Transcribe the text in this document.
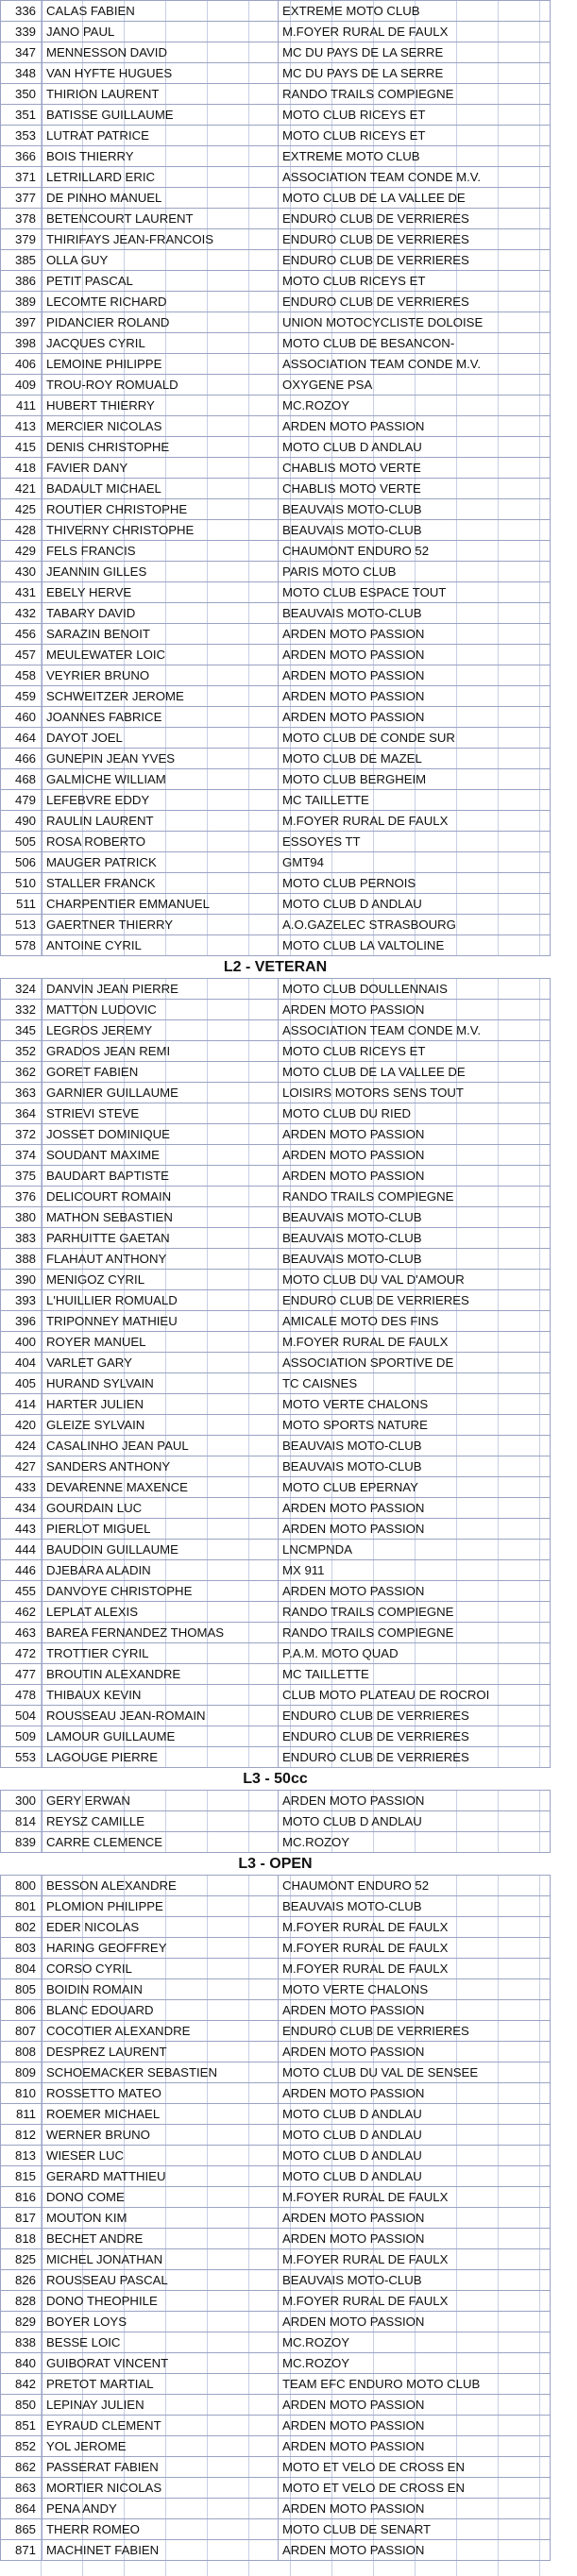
336	CALAS FABIEN	EXTREME MOTO CLUB
339	JANO PAUL	M.FOYER RURAL DE FAULX
347	MENNESSON DAVID	MC DU PAYS DE LA SERRE
348	VAN HYFTE HUGUES	MC DU PAYS DE LA SERRE
350	THIRION LAURENT	RANDO TRAILS COMPIEGNE
351	BATISSE GUILLAUME	MOTO CLUB RICEYS ET
353	LUTRAT PATRICE	MOTO CLUB RICEYS ET
366	BOIS THIERRY	EXTREME MOTO CLUB
371	LETRILLARD ERIC	ASSOCIATION TEAM CONDE M.V.
377	DE PINHO MANUEL	MOTO CLUB DE LA VALLEE DE
378	BETENCOURT LAURENT	ENDURO CLUB DE VERRIERES
379	THIRIFAYS JEAN-FRANCOIS	ENDURO CLUB DE VERRIERES
385	OLLA GUY	ENDURO CLUB DE VERRIERES
386	PETIT PASCAL	MOTO CLUB RICEYS ET
389	LECOMTE RICHARD	ENDURO CLUB DE VERRIERES
397	PIDANCIER ROLAND	UNION MOTOCYCLISTE DOLOISE
398	JACQUES CYRIL	MOTO CLUB DE BESANCON-
406	LEMOINE PHILIPPE	ASSOCIATION TEAM CONDE M.V.
409	TROU-ROY ROMUALD	OXYGENE PSA
411	HUBERT THIERRY	MC.ROZOY
413	MERCIER NICOLAS	ARDEN MOTO PASSION
415	DENIS CHRISTOPHE	MOTO CLUB D ANDLAU
418	FAVIER DANY	CHABLIS MOTO VERTE
421	BADAULT MICHAEL	CHABLIS MOTO VERTE
425	ROUTIER CHRISTOPHE	BEAUVAIS MOTO-CLUB
428	THIVERNY CHRISTOPHE	BEAUVAIS MOTO-CLUB
429	FELS FRANCIS	CHAUMONT ENDURO 52
430	JEANNIN GILLES	PARIS MOTO CLUB
431	EBELY HERVE	MOTO CLUB ESPACE TOUT
432	TABARY DAVID	BEAUVAIS MOTO-CLUB
456	SARAZIN BENOIT	ARDEN MOTO PASSION
457	MEULEWATER LOIC	ARDEN MOTO PASSION
458	VEYRIER BRUNO	ARDEN MOTO PASSION
459	SCHWEITZER JEROME	ARDEN MOTO PASSION
460	JOANNES FABRICE	ARDEN MOTO PASSION
464	DAYOT JOEL	MOTO CLUB DE CONDE SUR
466	GUNEPIN JEAN YVES	MOTO CLUB DE MAZEL
468	GALMICHE WILLIAM	MOTO CLUB BERGHEIM
479	LEFEBVRE EDDY	MC TAILLETTE
490	RAULIN LAURENT	M.FOYER RURAL DE FAULX
505	ROSA ROBERTO	ESSOYES TT
506	MAUGER PATRICK	GMT94
510	STALLER FRANCK	MOTO CLUB PERNOIS
511	CHARPENTIER EMMANUEL	MOTO CLUB D ANDLAU
513	GAERTNER THIERRY	A.O.GAZELEC STRASBOURG
578	ANTOINE CYRIL	MOTO CLUB LA VALTOLINE
L2 - VETERAN		
324	DANVIN JEAN PIERRE	MOTO CLUB DOULLENNAIS
332	MATTON LUDOVIC	ARDEN MOTO PASSION
345	LEGROS JEREMY	ASSOCIATION TEAM CONDE M.V.
352	GRADOS JEAN REMI	MOTO CLUB RICEYS ET
362	GORET FABIEN	MOTO CLUB DE LA VALLEE DE
363	GARNIER GUILLAUME	LOISIRS MOTORS SENS TOUT
364	STRIEVI STEVE	MOTO CLUB DU RIED
372	JOSSET DOMINIQUE	ARDEN MOTO PASSION
374	SOUDANT MAXIME	ARDEN MOTO PASSION
375	BAUDART BAPTISTE	ARDEN MOTO PASSION
376	DELICOURT ROMAIN	RANDO TRAILS COMPIEGNE
380	MATHON SEBASTIEN	BEAUVAIS MOTO-CLUB
383	PARHUITTE GAETAN	BEAUVAIS MOTO-CLUB
388	FLAHAUT ANTHONY	BEAUVAIS MOTO-CLUB
390	MENIGOZ CYRIL	MOTO CLUB DU VAL D'AMOUR
393	L'HUILLIER ROMUALD	ENDURO CLUB DE VERRIERES
396	TRIPONNEY MATHIEU	AMICALE MOTO DES FINS
400	ROYER MANUEL	M.FOYER RURAL DE FAULX
404	VARLET GARY	ASSOCIATION SPORTIVE DE
405	HURAND SYLVAIN	TC CAISNES
414	HARTER JULIEN	MOTO VERTE CHALONS
420	GLEIZE SYLVAIN	MOTO SPORTS NATURE
424	CASALINHO JEAN PAUL	BEAUVAIS MOTO-CLUB
427	SANDERS ANTHONY	BEAUVAIS MOTO-CLUB
433	DEVARENNE MAXENCE	MOTO CLUB EPERNAY
434	GOURDAIN LUC	ARDEN MOTO PASSION
443	PIERLOT MIGUEL	ARDEN MOTO PASSION
444	BAUDOIN GUILLAUME	LNCMPNDA
446	DJEBARA ALADIN	MX 911
455	DANVOYE CHRISTOPHE	ARDEN MOTO PASSION
462	LEPLAT ALEXIS	RANDO TRAILS COMPIEGNE
463	BAREA FERNANDEZ THOMAS	RANDO TRAILS COMPIEGNE
472	TROTTIER CYRIL	P.A.M. MOTO QUAD
477	BROUTIN ALEXANDRE	MC TAILLETTE
478	THIBAUX KEVIN	CLUB MOTO PLATEAU DE ROCROI
504	ROUSSEAU JEAN-ROMAIN	ENDURO CLUB DE VERRIERES
509	LAMOUR GUILLAUME	ENDURO CLUB DE VERRIERES
553	LAGOUGE PIERRE	ENDURO CLUB DE VERRIERES
L3 - 50cc		
300	GERY ERWAN	ARDEN MOTO PASSION
814	REYSZ CAMILLE	MOTO CLUB D ANDLAU
839	CARRE CLEMENCE	MC.ROZOY
L3 - OPEN		
800	BESSON ALEXANDRE	CHAUMONT ENDURO 52
801	PLOMION PHILIPPE	BEAUVAIS MOTO-CLUB
802	EDER NICOLAS	M.FOYER RURAL DE FAULX
803	HARING GEOFFREY	M.FOYER RURAL DE FAULX
804	CORSO CYRIL	M.FOYER RURAL DE FAULX
805	BOIDIN ROMAIN	MOTO VERTE CHALONS
806	BLANC EDOUARD	ARDEN MOTO PASSION
807	COCOTIER ALEXANDRE	ENDURO CLUB DE VERRIERES
808	DESPREZ LAURENT	ARDEN MOTO PASSION
809	SCHOEMACKER SEBASTIEN	MOTO CLUB DU VAL DE SENSEE
810	ROSSETTO MATEO	ARDEN MOTO PASSION
811	ROEMER MICHAEL	MOTO CLUB D ANDLAU
812	WERNER BRUNO	MOTO CLUB D ANDLAU
813	WIESER LUC	MOTO CLUB D ANDLAU
815	GERARD MATTHIEU	MOTO CLUB D ANDLAU
816	DONO COME	M.FOYER RURAL DE FAULX
817	MOUTON KIM	ARDEN MOTO PASSION
818	BECHET ANDRE	ARDEN MOTO PASSION
825	MICHEL JONATHAN	M.FOYER RURAL DE FAULX
826	ROUSSEAU PASCAL	BEAUVAIS MOTO-CLUB
828	DONO THEOPHILE	M.FOYER RURAL DE FAULX
829	BOYER LOYS	ARDEN MOTO PASSION
838	BESSE LOIC	MC.ROZOY
840	GUIBORAT VINCENT	MC.ROZOY
842	PRETOT MARTIAL	TEAM EFC ENDURO MOTO CLUB
850	LEPINAY JULIEN	ARDEN MOTO PASSION
851	EYRAUD CLEMENT	ARDEN MOTO PASSION
852	YOL JEROME	ARDEN MOTO PASSION
862	PASSERAT FABIEN	MOTO ET VELO DE CROSS EN
863	MORTIER NICOLAS	MOTO ET VELO DE CROSS EN
864	PENA ANDY	ARDEN MOTO PASSION
865	THERR ROMEO	MOTO CLUB DE SENART
871	MACHINET FABIEN	ARDEN MOTO PASSION
